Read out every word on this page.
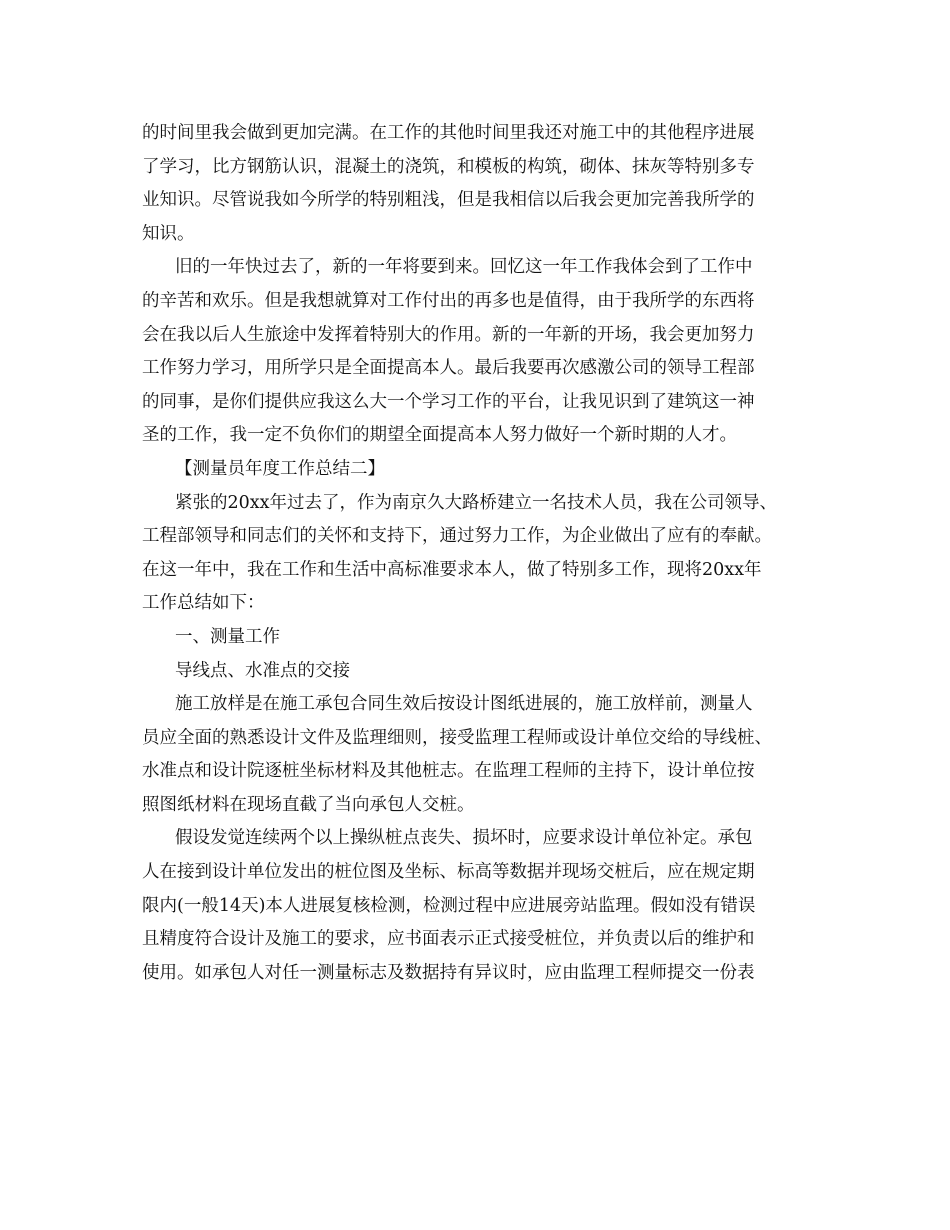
的时间里我会做到更加完满。在工作的其他时间里我还对施工中的其他程序进展
了学习，比方钢筋认识，混凝土的浇筑，和模板的构筑，砌体、抹灰等特别多专
业知识。尽管说我如今所学的特别粗浅，但是我相信以后我会更加完善我所学的
知识。
旧的一年快过去了，新的一年将要到来。回忆这一年工作我体会到了工作中
的辛苦和欢乐。但是我想就算对工作付出的再多也是值得，由于我所学的东西将
会在我以后人生旅途中发挥着特别大的作用。新的一年新的开场，我会更加努力
工作努力学习，用所学只是全面提高本人。最后我要再次感激公司的领导工程部
的同事，是你们提供应我这么大一个学习工作的平台，让我见识到了建筑这一神
圣的工作，我一定不负你们的期望全面提高本人努力做好一个新时期的人才。
【测量员年度工作总结二】
紧张的20xx年过去了，作为南京久大路桥建立一名技术人员，我在公司领导、
工程部领导和同志们的关怀和支持下，通过努力工作，为企业做出了应有的奉献。
在这一年中，我在工作和生活中高标准要求本人，做了特别多工作，现将20xx年
工作总结如下：
一、测量工作
导线点、水准点的交接
施工放样是在施工承包合同生效后按设计图纸进展的，施工放样前，测量人
员应全面的熟悉设计文件及监理细则，接受监理工程师或设计单位交给的导线桩、
水准点和设计院逐桩坐标材料及其他桩志。在监理工程师的主持下，设计单位按
照图纸材料在现场直截了当向承包人交桩。
假设发觉连续两个以上操纵桩点丧失、损坏时，应要求设计单位补定。承包
人在接到设计单位发出的桩位图及坐标、标高等数据并现场交桩后，应在规定期
限内(一般14天)本人进展复核检测，检测过程中应进展旁站监理。假如没有错误
且精度符合设计及施工的要求，应书面表示正式接受桩位，并负责以后的维护和
使用。如承包人对任一测量标志及数据持有异议时，应由监理工程师提交一份表
